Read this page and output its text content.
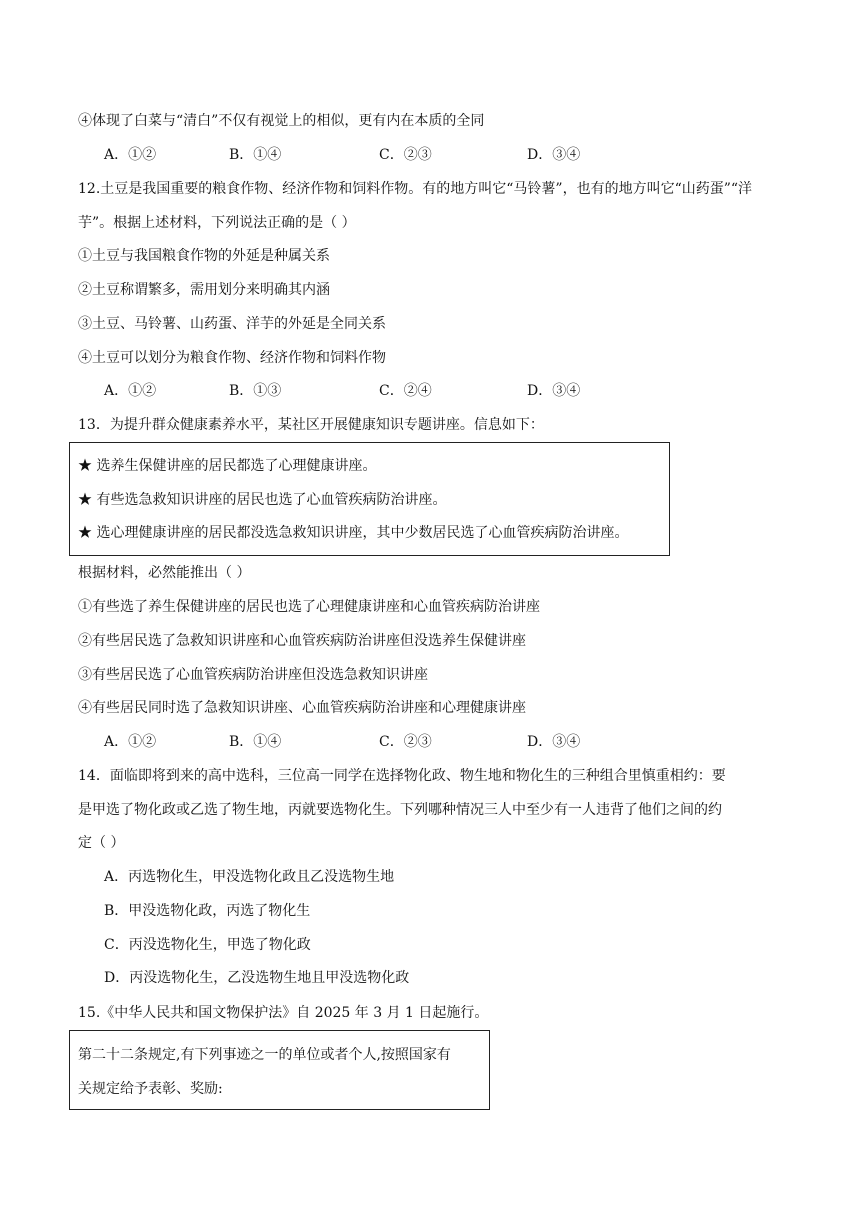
④体现了白菜与“清白”不仅有视觉上的相似，更有内在本质的全同
A．①②	B．①④	C．②③	D．③④
12.土豆是我国重要的粮食作物、经济作物和饲料作物。有的地方叫它“马铃薯”，也有的地方叫它“山药蛋”“洋
芋”。根据上述材料，下列说法正确的是（ ）
①土豆与我国粮食作物的外延是种属关系
②土豆称谓繁多，需用划分来明确其内涵
③土豆、马铃薯、山药蛋、洋芋的外延是全同关系
④土豆可以划分为粮食作物、经济作物和饲料作物
A．①②	B．①③	C．②④	D．③④
13．为提升群众健康素养水平，某社区开展健康知识专题讲座。信息如下：
★ 选养生保健讲座的居民都选了心理健康讲座。
★ 有些选急救知识讲座的居民也选了心血管疾病防治讲座。
★ 选心理健康讲座的居民都没选急救知识讲座，其中少数居民选了心血管疾病防治讲座。
根据材料，必然能推出（ ）
①有些选了养生保健讲座的居民也选了心理健康讲座和心血管疾病防治讲座
②有些居民选了急救知识讲座和心血管疾病防治讲座但没选养生保健讲座
③有些居民选了心血管疾病防治讲座但没选急救知识讲座
④有些居民同时选了急救知识讲座、心血管疾病防治讲座和心理健康讲座
A．①②	B．①④	C．②③	D．③④
14．面临即将到来的高中选科，三位高一同学在选择物化政、物生地和物化生的三种组合里慎重相约：要
是甲选了物化政或乙选了物生地，丙就要选物化生。下列哪种情况三人中至少有一人违背了他们之间的约
定（ ）
A．丙选物化生，甲没选物化政且乙没选物生地
B．甲没选物化政，丙选了物化生
C．丙没选物化生，甲选了物化政
D．丙没选物化生，乙没选物生地且甲没选物化政
15.《中华人民共和国文物保护法》自 2025 年 3 月 1 日起施行。
第二十二条规定,有下列事迹之一的单位或者个人,按照国家有
关规定给予表彰、奖励:
